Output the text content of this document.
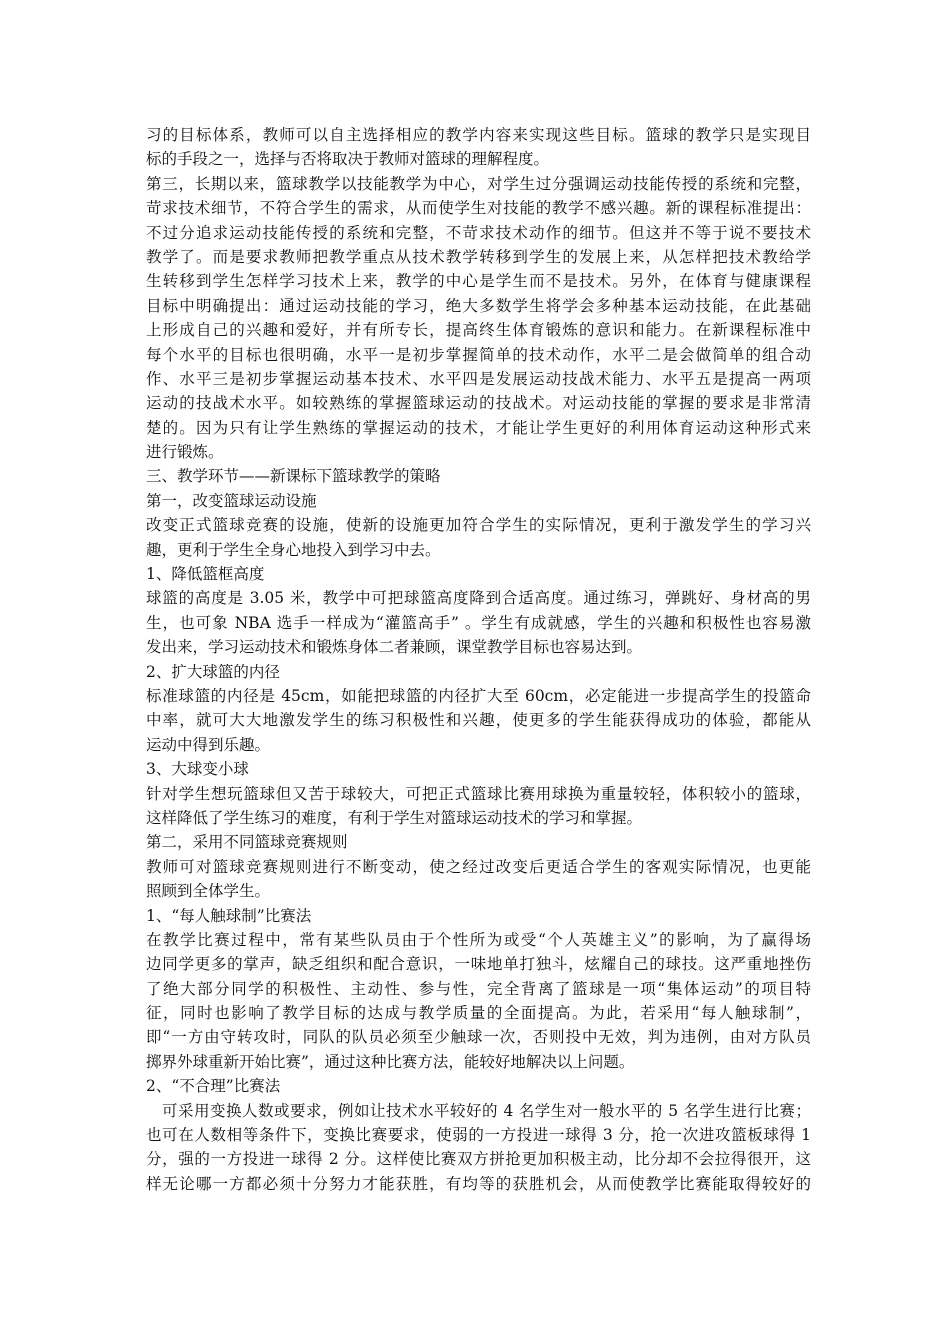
习的目标体系，教师可以自主选择相应的教学内容来实现这些目标。篮球的教学只是实现目
标的手段之一，选择与否将取决于教师对篮球的理解程度。
第三，长期以来，篮球教学以技能教学为中心，对学生过分强调运动技能传授的系统和完整，
苛求技术细节，不符合学生的需求，从而使学生对技能的教学不感兴趣。新的课程标准提出：
不过分追求运动技能传授的系统和完整，不苛求技术动作的细节。但这并不等于说不要技术
教学了。而是要求教师把教学重点从技术教学转移到学生的发展上来，从怎样把技术教给学
生转移到学生怎样学习技术上来，教学的中心是学生而不是技术。另外，在体育与健康课程
目标中明确提出：通过运动技能的学习，绝大多数学生将学会多种基本运动技能，在此基础
上形成自己的兴趣和爱好，并有所专长，提高终生体育锻炼的意识和能力。在新课程标准中
每个水平的目标也很明确，水平一是初步掌握简单的技术动作，水平二是会做简单的组合动
作、水平三是初步掌握运动基本技术、水平四是发展运动技战术能力、水平五是提高一两项
运动的技战术水平。如较熟练的掌握篮球运动的技战术。对运动技能的掌握的要求是非常清
楚的。因为只有让学生熟练的掌握运动的技术，才能让学生更好的利用体育运动这种形式来
进行锻炼。
三、教学环节——新课标下篮球教学的策略
第一，改变篮球运动设施
改变正式篮球竞赛的设施，使新的设施更加符合学生的实际情况，更利于激发学生的学习兴
趣，更利于学生全身心地投入到学习中去。
1、降低篮框高度
球篮的高度是 3.05 米，教学中可把球篮高度降到合适高度。通过练习，弹跳好、身材高的男
生，也可象 NBA 选手一样成为“灌篮高手” 。学生有成就感，学生的兴趣和积极性也容易激
发出来，学习运动技术和锻炼身体二者兼顾，课堂教学目标也容易达到。
2、扩大球篮的内径
标准球篮的内径是 45cm，如能把球篮的内径扩大至 60cm，必定能进一步提高学生的投篮命
中率，就可大大地激发学生的练习积极性和兴趣，使更多的学生能获得成功的体验，都能从
运动中得到乐趣。
3、大球变小球
针对学生想玩篮球但又苦于球较大，可把正式篮球比赛用球换为重量较轻，体积较小的篮球，
这样降低了学生练习的难度，有利于学生对篮球运动技术的学习和掌握。
第二，采用不同篮球竞赛规则
教师可对篮球竞赛规则进行不断变动，使之经过改变后更适合学生的客观实际情况，也更能
照顾到全体学生。
1、“每人触球制”比赛法
在教学比赛过程中，常有某些队员由于个性所为或受“个人英雄主义”的影响，为了赢得场
边同学更多的掌声，缺乏组织和配合意识，一味地单打独斗，炫耀自己的球技。这严重地挫伤
了绝大部分同学的积极性、主动性、参与性，完全背离了篮球是一项“集体运动”的项目特
征，同时也影响了教学目标的达成与教学质量的全面提高。为此，若采用“每人触球制”，
即“一方由守转攻时，同队的队员必须至少触球一次，否则投中无效，判为违例，由对方队员
掷界外球重新开始比赛”，通过这种比赛方法，能较好地解决以上问题。
2、“不合理”比赛法
　可采用变换人数或要求，例如让技术水平较好的 4 名学生对一般水平的 5 名学生进行比赛；
也可在人数相等条件下，变换比赛要求，使弱的一方投进一球得 3 分，抢一次进攻篮板球得 1
分，强的一方投进一球得 2 分。这样使比赛双方拼抢更加积极主动，比分却不会拉得很开，这
样无论哪一方都必须十分努力才能获胜，有均等的获胜机会，从而使教学比赛能取得较好的
